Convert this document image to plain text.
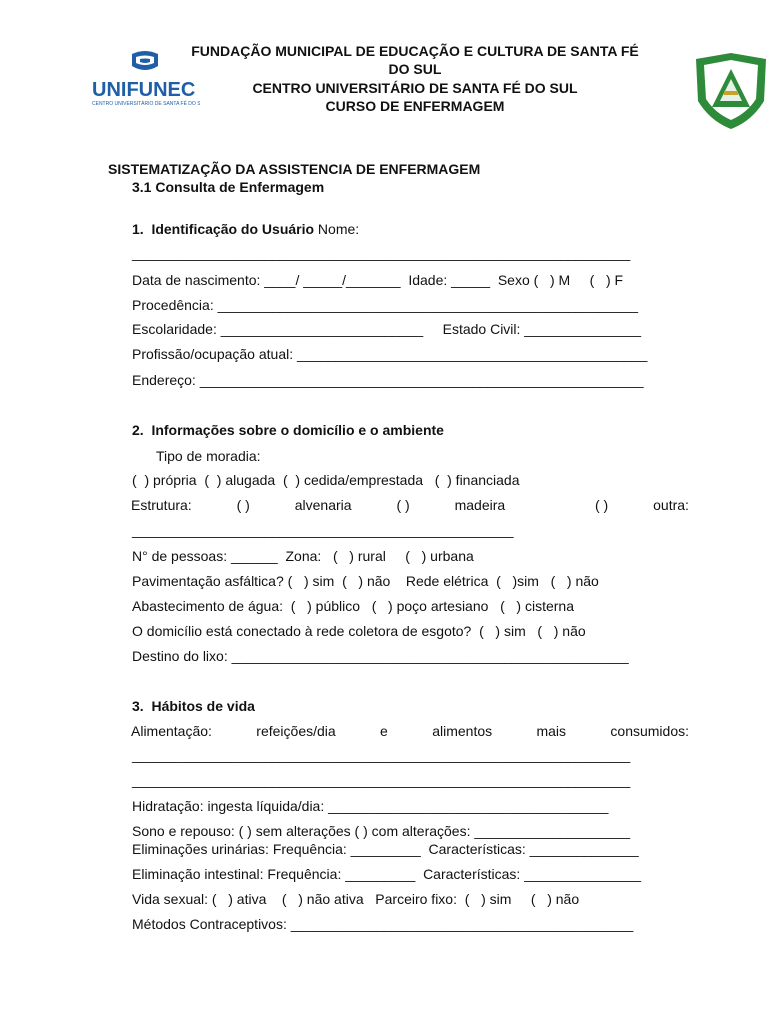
UNIFUNEC
CENTRO UNIVERSITÁRIO DE SANTA FÉ DO SUL
FUNDAÇÃO MUNICIPAL DE EDUCAÇÃO E CULTURA DE SANTA FÉ
DO SUL
CENTRO UNIVERSITÁRIO DE SANTA FÉ DO SUL
CURSO DE ENFERMAGEM
SISTEMATIZAÇÃO DA ASSISTENCIA DE ENFERMAGEM
3.1 Consulta de Enfermagem
1.  Identificação do Usuário Nome:
________________________________________________________________
Data de nascimento: ____/ _____/_______  Idade: _____  Sexo (   ) M     (   ) F
Procedência: ______________________________________________________
Escolaridade: __________________________     Estado Civil: _______________
Profissão/ocupação atual: _____________________________________________
Endereço: _________________________________________________________
2.  Informações sobre o domicílio e o ambiente
Tipo de moradia:
(  ) própria  (  ) alugada  (  ) cedida/emprestada   (  ) financiada
Estrutura:	( )	alvenaria	( )	madeira	( )	outra:
_________________________________________________
N° de pessoas: ______  Zona:   (   ) rural     (   ) urbana
Pavimentação asfáltica? (   ) sim  (   ) não    Rede elétrica  (   )sim   (   ) não
Abastecimento de água:  (   ) público   (   ) poço artesiano   (   ) cisterna
O domicílio está conectado à rede coletora de esgoto?  (   ) sim   (   ) não
Destino do lixo: ___________________________________________________
3.  Hábitos de vida
Alimentação:	refeições/dia	e	alimentos	mais	consumidos:
________________________________________________________________
________________________________________________________________
Hidratação: ingesta líquida/dia: ____________________________________
Sono e repouso: ( ) sem alterações ( ) com alterações: ____________________
Eliminações urinárias: Frequência: _________  Características: ______________
Eliminação intestinal: Frequência: _________  Características: _______________
Vida sexual: (   ) ativa    (   ) não ativa   Parceiro fixo:  (   ) sim     (   ) não
Métodos Contraceptivos: ____________________________________________
